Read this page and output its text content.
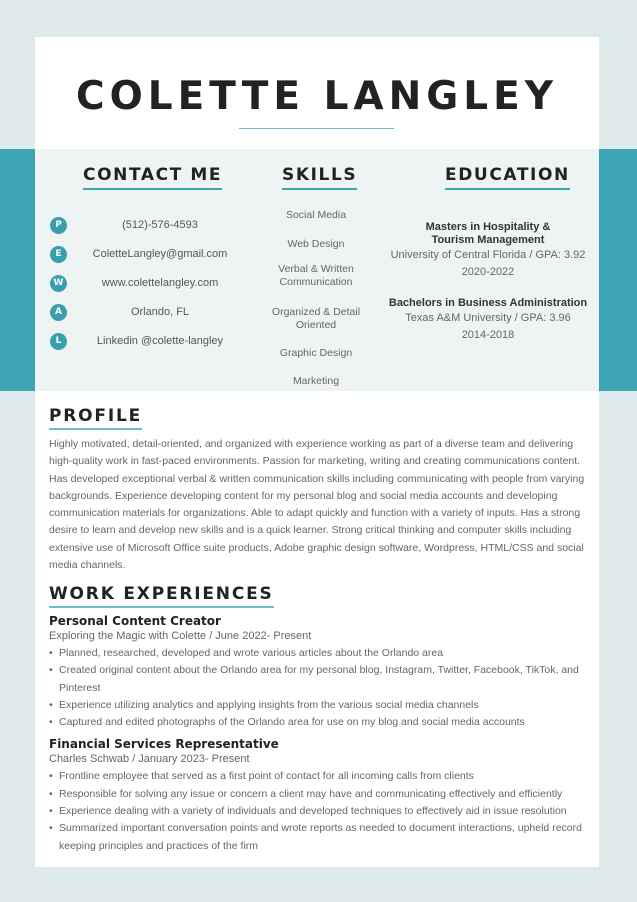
COLETTE LANGLEY
CONTACT ME
P	(512)-576-4593
E	ColetteLangley@gmail.com
W	www.colettelangley.com
A	Orlando, FL
L	Linkedin @colette-langley
SKILLS
Social Media
Web Design
Verbal & Written Communication
Organized & Detail Oriented
Graphic Design
Marketing
EDUCATION
Masters in Hospitality &
Tourism Management
University of Central Florida / GPA: 3.92
2020-2022
Bachelors in Business Administration
Texas A&M University / GPA: 3.96
2014-2018
PROFILE
Highly motivated, detail-oriented, and organized with experience working as part of a diverse team and delivering high-quality work in fast-paced environments. Passion for marketing, writing and creating communications content. Has developed exceptional verbal & written communication skills including communicating with people from varying backgrounds. Experience developing content for my personal blog and social media accounts and developing communication materials for organizations. Able to adapt quickly and function with a variety of inputs. Has a strong desire to learn and develop new skills and is a quick learner. Strong critical thinking and computer skills including extensive use of Microsoft Office suite products, Adobe graphic design software, Wordpress, HTML/CSS and social media channels.
WORK EXPERIENCES
Personal Content Creator
Exploring the Magic with Colette / June 2022- Present
• Planned, researched, developed and wrote various articles about the Orlando area
• Created original content about the Orlando area for my personal blog, Instagram, Twitter, Facebook, TikTok, and Pinterest
• Experience utilizing analytics and applying insights from the various social media channels
• Captured and edited photographs of the Orlando area for use on my blog and social media accounts
Financial Services Representative
Charles Schwab / January 2023- Present
• Frontline employee that served as a first point of contact for all incoming calls from clients
• Responsible for solving any issue or concern a client may have and communicating effectively and efficiently
• Experience dealing with a variety of individuals and developed techniques to effectively aid in issue resolution
• Summarized important conversation points and wrote reports as needed to document interactions, upheld record keeping principles and practices of the firm
